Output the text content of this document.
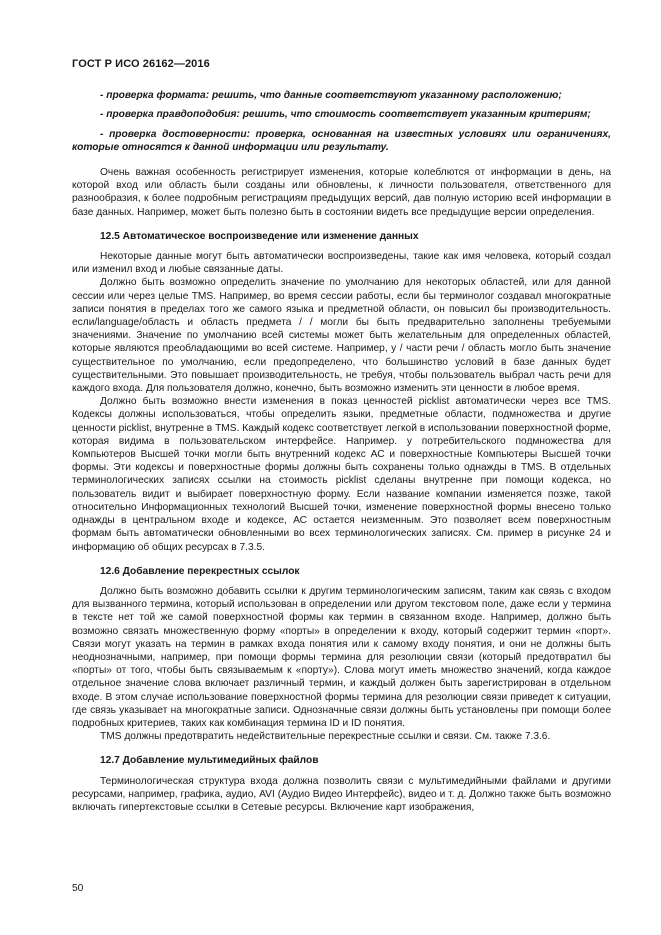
ГОСТ Р ИСО 26162—2016

- проверка формата: решить, что данные соответствуют указанному расположению;

- проверка правдоподобия: решить, что стоимость соответствует указанным критериям;

- проверка достоверности: проверка, основанная на известных условиях или ограничениях, которые относятся к данной информации или результату.

Очень важная особенность регистрирует изменения, которые колеблются от информации в день, на которой вход или область были созданы или обновлены, к личности пользователя, ответственного для разнообразия, к более подробным регистрациям предыдущих версий, дав полную историю всей информации в базе данных. Например, может быть полезно быть в состоянии видеть все предыдущие версии определения.

12.5 Автоматическое воспроизведение или изменение данных

Некоторые данные могут быть автоматически воспроизведены, такие как имя человека, который создал или изменил вход и любые связанные даты.

Должно быть возможно определить значение по умолчанию для некоторых областей, или для данной сессии или через целые TMS. Например, во время сессии работы, если бы терминолог создавал многократные записи понятия в пределах того же самого языка и предметной области, он повысил бы производительность. если/language/область и область предмета / / могли бы быть предварительно заполнены требуемыми значениями. Значение по умолчанию всей системы может быть желательным для определенных областей, которые являются преобладающими во всей системе. Например, у / части речи / область могло быть значение существительное по умолчанию, если предопределено, что большинство условий в базе данных будет существительными. Это повышает производительность, не требуя, чтобы пользователь выбрал часть речи для каждого входа. Для пользователя должно, конечно, быть возможно изменить эти ценности в любое время.

Должно быть возможно внести изменения в показ ценностей picklist автоматически через все TMS. Кодексы должны использоваться, чтобы определить языки, предметные области, подмножества и другие ценности picklist, внутренне в TMS. Каждый кодекс соответствует легкой в использовании поверхностной форме, которая видима в пользовательском интерфейсе. Например. у потребительского подмножества для Компьютеров Высшей точки могли быть внутренний кодекс АС и поверхностные Компьютеры Высшей точки формы. Эти кодексы и поверхностные формы должны быть сохранены только однажды в TMS. В отдельных терминологических записях ссылки на стоимость picklist сделаны внутренне при помощи кодекса, но пользователь видит и выбирает поверхностную форму. Если название компании изменяется позже, такой относительно Информационных технологий Высшей точки, изменение поверхностной формы внесено только однажды в центральном входе и кодексе, АС остается неизменным. Это позволяет всем поверхностным формам быть автоматически обновленными во всех терминологических записях. См. пример в рисунке 24 и информацию об общих ресурсах в 7.3.5.

12.6 Добавление перекрестных ссылок

Должно быть возможно добавить ссылки к другим терминологическим записям, таким как связь с входом для вызванного термина, который использован в определении или другом текстовом поле, даже если у термина в тексте нет той же самой поверхностной формы как термин в связанном входе. Например, должно быть возможно связать множественную форму «порты» в определении к входу, который содержит термин «порт». Связи могут указать на термин в рамках входа понятия или к самому входу понятия, и они не должны быть неоднозначными, например, при помощи формы термина для резолюции связи (который предотвратил бы «порты» от того, чтобы быть связываемым к «порту»). Слова могут иметь множество значений, когда каждое отдельное значение слова включает различный термин, и каждый должен быть зарегистрирован в отдельном входе. В этом случае использование поверхностной формы термина для резолюции связи приведет к ситуации, где связь указывает на многократные записи. Однозначные связи должны быть установлены при помощи более подробных критериев, таких как комбинация термина ID и ID понятия.

TMS должны предотвратить недействительные перекрестные ссылки и связи. См. также 7.3.6.

12.7 Добавление мультимедийных файлов

Терминологическая структура входа должна позволить связи с мультимедийными файлами и другими ресурсами, например, графика, аудио, AVI (Аудио Видео Интерфейс), видео и т. д. Должно также быть возможно включать гипертекстовые ссылки в Сетевые ресурсы. Включение карт изображения,

50
